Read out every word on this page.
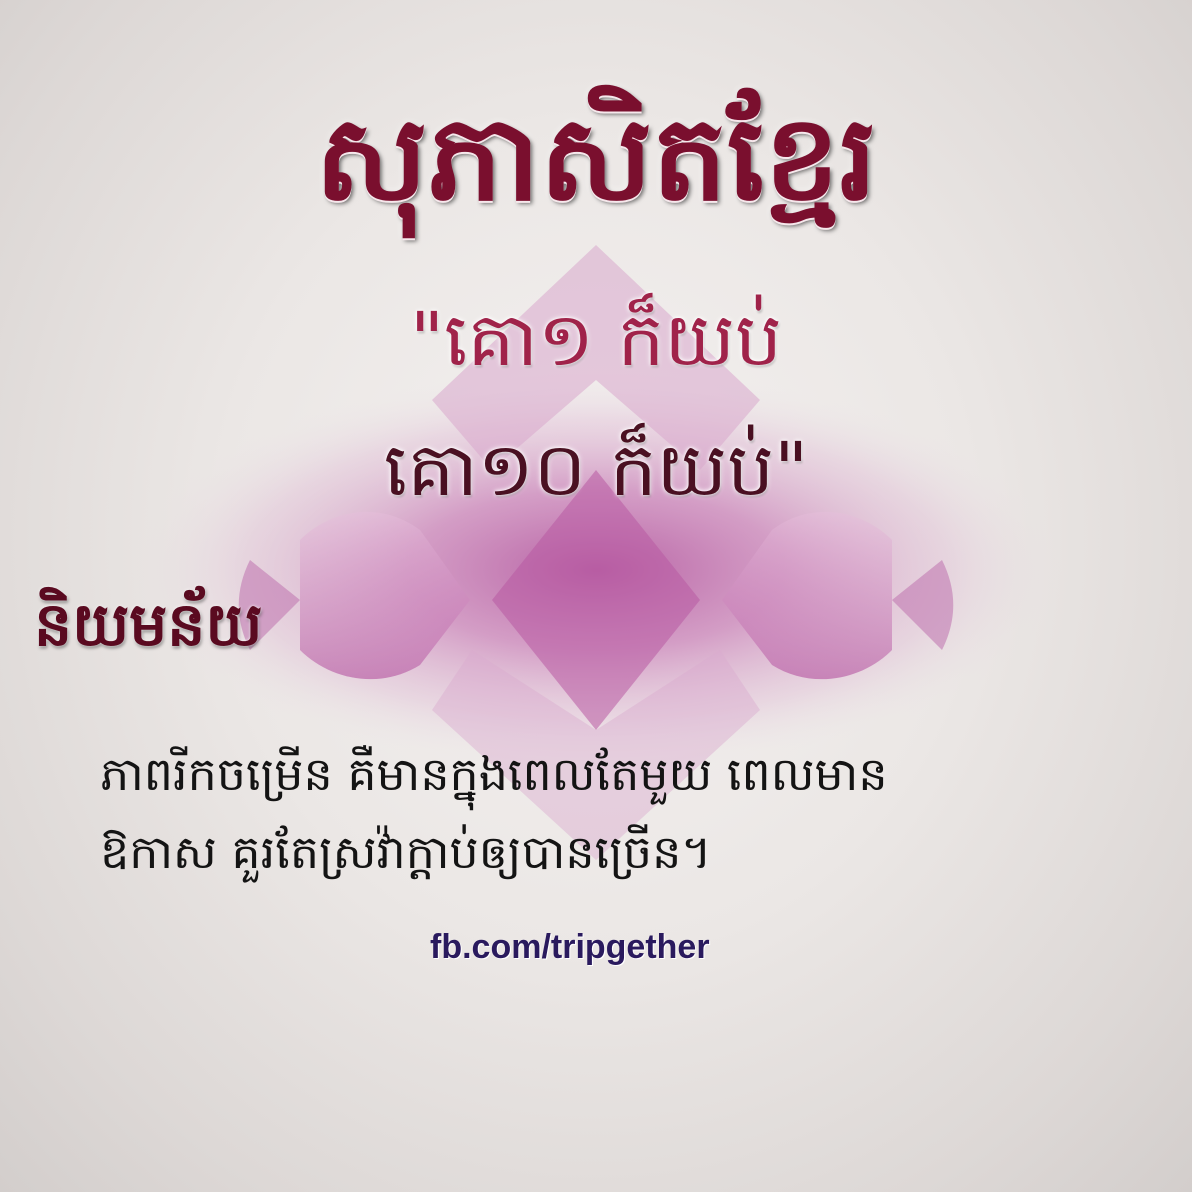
សុភាសិតខ្មែរ
"គោ១ ក៏យប់
គោ១០ ក៏យប់"
និយមន័យ
ភាពរីកចម្រើន គឺមានក្នុងពេលតែមួយ ពេលមាន
ឱកាស គួរតែស្រវ៉ាក្ដាប់ឲ្យបានច្រើន។
fb.com/tripgether
